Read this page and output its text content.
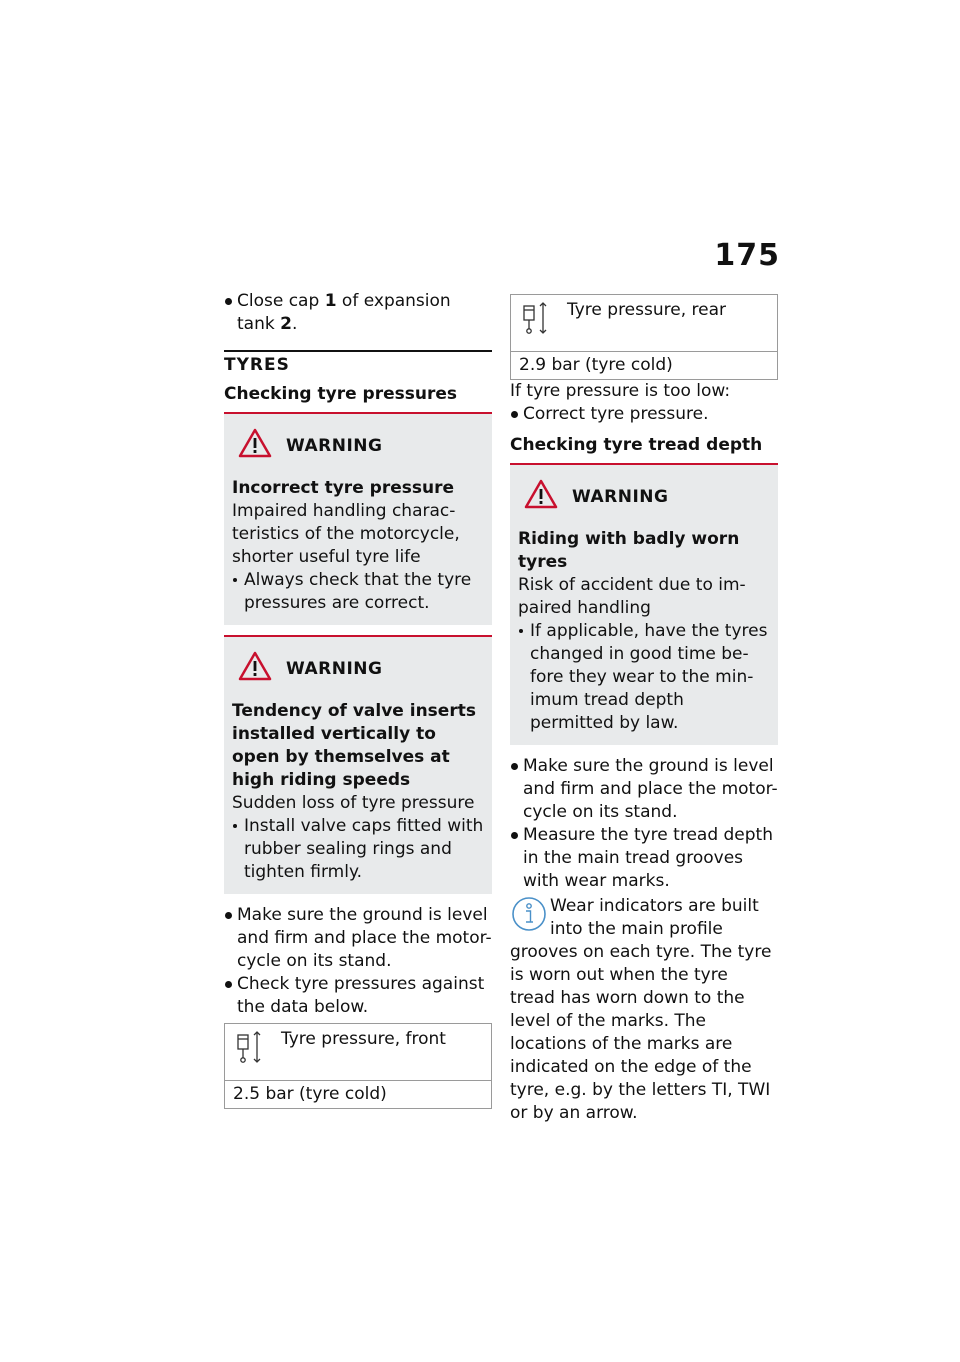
175

Close cap 1 of expansion tank 2.

TYRES

Checking tyre pressures

WARNING

Incorrect tyre pressure

Impaired handling charac-teristics of the motorcycle, shorter useful tyre life

Always check that the tyre pressures are correct.

WARNING

Tendency of valve inserts installed vertically to open by themselves at high riding speeds

Sudden loss of tyre pressure

Install valve caps fitted with rubber sealing rings and tighten firmly.

Make sure the ground is level and firm and place the motor-cycle on its stand.

Check tyre pressures against the data below.

Tyre pressure, front
2.5 bar (tyre cold)
Tyre pressure, rear
2.9 bar (tyre cold)

If tyre pressure is too low:

Correct tyre pressure.

Checking tyre tread depth

WARNING

Riding with badly worn tyres

Risk of accident due to im-paired handling

If applicable, have the tyres changed in good time be-fore they wear to the min-imum tread depth permitted by law.

Make sure the ground is level and firm and place the motor-cycle on its stand.

Measure the tyre tread depth in the main tread grooves with wear marks.

Wear indicators are built into the main profile grooves on each tyre. The tyre is worn out when the tyre tread has worn down to the level of the marks. The locations of the marks are indicated on the edge of the tyre, e.g. by the letters TI, TWI or by an arrow.
